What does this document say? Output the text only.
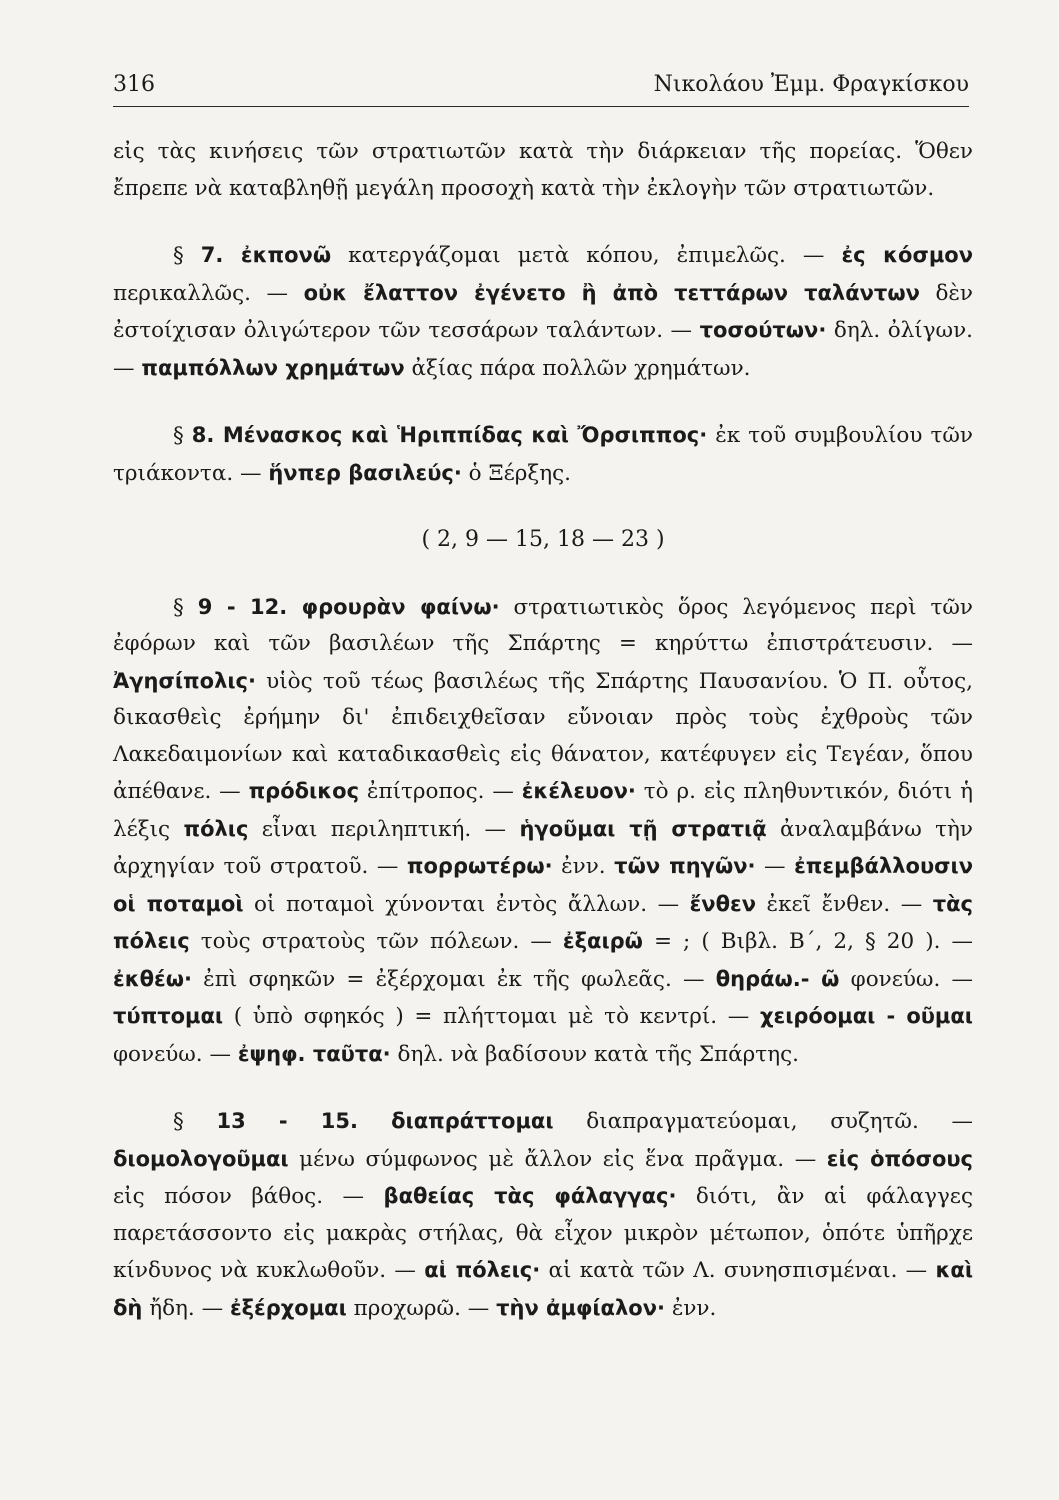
316	Νικολάου Ἐμμ. Φραγκίσκου

εἰς τὰς κινήσεις τῶν στρατιωτῶν κατὰ τὴν διάρκειαν τῆς πορείας. Ὅθεν ἔπρεπε νὰ καταβληθῇ μεγάλη προσοχὴ κατὰ τὴν ἐκλογὴν τῶν στρατιωτῶν.

§ 7. ἐκπονῶ κατεργάζομαι μετὰ κόπου, ἐπιμελῶς. — ἐς κόσμον περικαλλῶς. — οὐκ ἔλαττον ἐγένετο ἢ ἀπὸ τεττάρων ταλάντων δὲν ἐστοίχισαν ὀλιγώτερον τῶν τεσσάρων ταλάντων. — τοσούτων· δηλ. ὀλίγων. — παμπόλλων χρημάτων ἀξίας πάρα πολλῶν χρημάτων.

§ 8. Μένασκος καὶ Ἡριππίδας καὶ Ὄρσιππος· ἐκ τοῦ συμβουλίου τῶν τριάκοντα. — ἥνπερ βασιλεύς· ὁ Ξέρξης.

( 2, 9 — 15, 18 — 23 )

§ 9 - 12. φρουρὰν φαίνω· στρατιωτικὸς ὅρος λεγόμενος περὶ τῶν ἐφόρων καὶ τῶν βασιλέων τῆς Σπάρτης = κηρύττω ἐπιστράτευσιν. — Ἀγησίπολις· υἱὸς τοῦ τέως βασιλέως τῆς Σπάρτης Παυσανίου. Ὁ Π. οὗτος, δικασθεὶς ἐρήμην δι' ἐπιδειχθεῖσαν εὔνοιαν πρὸς τοὺς ἐχθροὺς τῶν Λακεδαιμονίων καὶ καταδικασθεὶς εἰς θάνατον, κατέφυγεν εἰς Τεγέαν, ὅπου ἀπέθανε. — πρόδικος ἐπίτροπος. — ἐκέλευον· τὸ ρ. εἰς πληθυντικόν, διότι ἡ λέξις πόλις εἶναι περιληπτική. — ἡγοῦμαι τῇ στρατιᾷ ἀναλαμβάνω τὴν ἀρχηγίαν τοῦ στρατοῦ. — πορρωτέρω· ἐνν. τῶν πηγῶν· — ἐπεμβάλλουσιν οἱ ποταμοὶ οἱ ποταμοὶ χύνονται ἐντὸς ἄλλων. — ἔνθεν ἐκεῖ ἔνθεν. — τὰς πόλεις τοὺς στρατοὺς τῶν πόλεων. — ἐξαιρῶ = ; ( Βιβλ. Β΄, 2, § 20 ). — ἐκθέω· ἐπὶ σφηκῶν = ἐξέρχομαι ἐκ τῆς φωλεᾶς. — θηράω.- ῶ φονεύω. — τύπτομαι ( ὑπὸ σφηκός ) = πλήττομαι μὲ τὸ κεντρί. — χειρόομαι - οῦμαι φονεύω. — ἐψηφ. ταῦτα· δηλ. νὰ βαδίσουν κατὰ τῆς Σπάρτης.

§ 13 - 15. διαπράττομαι διαπραγματεύομαι, συζητῶ. — διομολογοῦμαι μένω σύμφωνος μὲ ἄλλον εἰς ἕνα πρᾶγμα. — εἰς ὁπόσους εἰς πόσον βάθος. — βαθείας τὰς φάλαγγας· διότι, ἂν αἱ φάλαγγες παρετάσσοντο εἰς μακρὰς στήλας, θὰ εἶχον μικρὸν μέτωπον, ὁπότε ὑπῆρχε κίνδυνος νὰ κυκλωθοῦν. — αἱ πόλεις· αἱ κατὰ τῶν Λ. συνησπισμέναι. — καὶ δὴ ἤδη. — ἐξέρχομαι προχωρῶ. — τὴν ἀμφίαλον· ἐνν.
